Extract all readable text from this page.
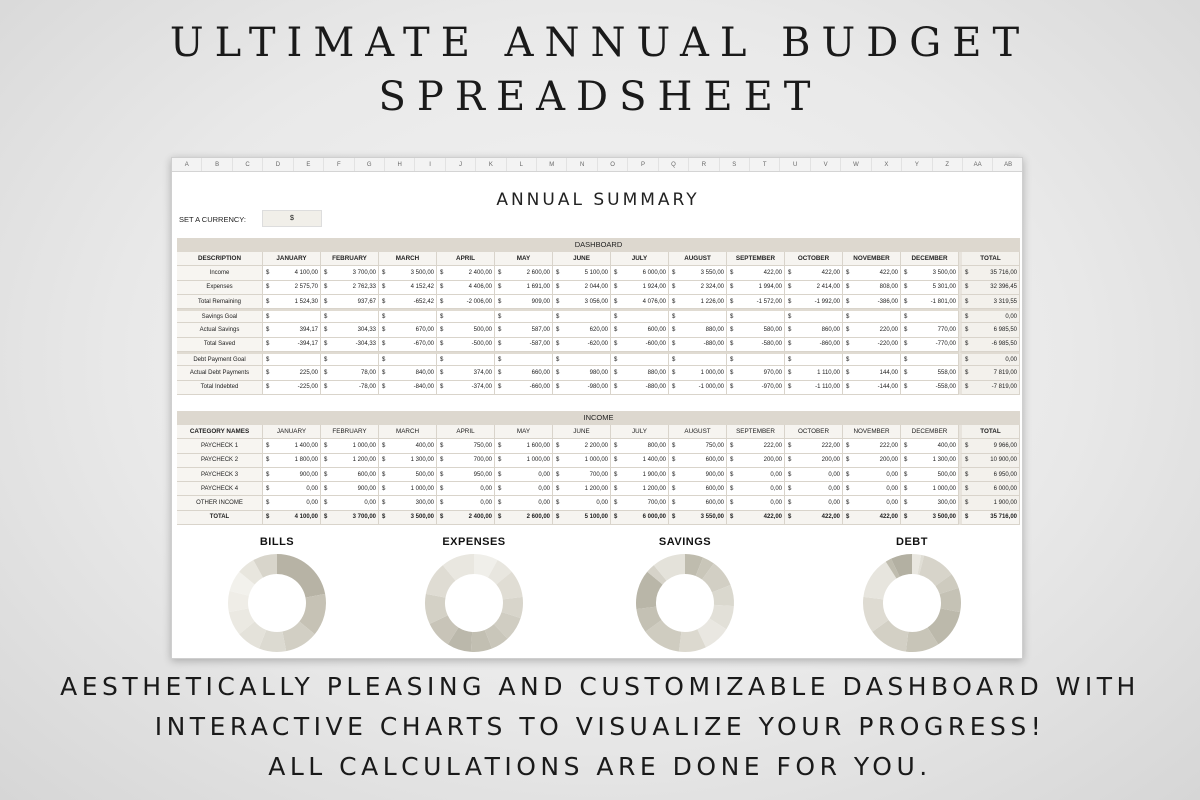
ULTIMATE ANNUAL BUDGET
SPREADSHEET
A	B	C	D	E	F	G	H	I	J	K	L	M	N	O	P	Q	R	S	T	U	V	W	X	Y	Z	AA	AB
ANNUAL SUMMARY
SET A CURRENCY:	$
DASHBOARD
DESCRIPTION	JANUARY	FEBRUARY	MARCH	APRIL	MAY	JUNE	JULY	AUGUST	SEPTEMBER	OCTOBER	NOVEMBER	DECEMBER	TOTAL
Income	$ 4 100,00	$ 3 700,00	$ 3 500,00	$ 2 400,00	$ 2 600,00	$ 5 100,00	$ 6 000,00	$ 3 550,00	$ 422,00	$ 422,00	$ 422,00	$ 3 500,00	$ 35 716,00
Expenses	$ 2 575,70	$ 2 762,33	$ 4 152,42	$ 4 406,00	$ 1 691,00	$ 2 044,00	$ 1 924,00	$ 2 324,00	$ 1 994,00	$ 2 414,00	$ 808,00	$ 5 301,00	$ 32 396,45
Total Remaining	$ 1 524,30	$ 937,67	$ -652,42	$ -2 006,00	$ 909,00	$ 3 056,00	$ 4 076,00	$ 1 226,00	$ -1 572,00	$ -1 992,00	$ -386,00	$ -1 801,00	$ 3 319,55
Savings Goal	$	$	$	$	$	$	$	$	$	$	$	$	$ 0,00
Actual Savings	$ 394,17	$ 304,33	$ 670,00	$ 500,00	$ 587,00	$ 620,00	$ 600,00	$ 880,00	$ 580,00	$ 860,00	$ 220,00	$ 770,00	$ 6 985,50
Total Saved	$ -394,17	$ -304,33	$ -670,00	$ -500,00	$ -587,00	$ -620,00	$ -600,00	$ -880,00	$ -580,00	$ -860,00	$ -220,00	$ -770,00	$ -6 985,50
Debt Payment Goal	$	$	$	$	$	$	$	$	$	$	$	$	$ 0,00
Actual Debt Payments	$ 225,00	$ 78,00	$ 840,00	$ 374,00	$ 660,00	$ 980,00	$ 880,00	$ 1 000,00	$ 970,00	$ 1 110,00	$ 144,00	$ 558,00	$ 7 819,00
Total Indebted	$ -225,00	$ -78,00	$ -840,00	$ -374,00	$ -660,00	$ -980,00	$ -880,00	$ -1 000,00	$ -970,00	$ -1 110,00	$ -144,00	$ -558,00	$ -7 819,00
INCOME
CATEGORY NAMES	JANUARY	FEBRUARY	MARCH	APRIL	MAY	JUNE	JULY	AUGUST	SEPTEMBER	OCTOBER	NOVEMBER	DECEMBER	TOTAL
PAYCHECK 1	$ 1 400,00	$ 1 000,00	$ 400,00	$ 750,00	$ 1 600,00	$ 2 200,00	$ 800,00	$ 750,00	$ 222,00	$ 222,00	$ 222,00	$ 400,00	$ 9 966,00
PAYCHECK 2	$ 1 800,00	$ 1 200,00	$ 1 300,00	$ 700,00	$ 1 000,00	$ 1 000,00	$ 1 400,00	$ 600,00	$ 200,00	$ 200,00	$ 200,00	$ 1 300,00	$ 10 900,00
PAYCHECK 3	$ 900,00	$ 600,00	$ 500,00	$ 950,00	$ 0,00	$ 700,00	$ 1 900,00	$ 900,00	$ 0,00	$ 0,00	$ 0,00	$ 500,00	$ 6 950,00
PAYCHECK 4	$ 0,00	$ 900,00	$ 1 000,00	$ 0,00	$ 0,00	$ 1 200,00	$ 1 200,00	$ 600,00	$ 0,00	$ 0,00	$ 0,00	$ 1 000,00	$ 6 000,00
OTHER INCOME	$ 0,00	$ 0,00	$ 300,00	$ 0,00	$ 0,00	$ 0,00	$ 700,00	$ 600,00	$ 0,00	$ 0,00	$ 0,00	$ 300,00	$ 1 900,00
TOTAL	$ 4 100,00	$ 3 700,00	$ 3 500,00	$ 2 400,00	$ 2 600,00	$ 5 100,00	$ 6 000,00	$ 3 550,00	$ 422,00	$ 422,00	$ 422,00	$ 3 500,00	$ 35 716,00
BILLS	EXPENSES	SAVINGS	DEBT
AESTHETICALLY PLEASING AND CUSTOMIZABLE DASHBOARD WITH
INTERACTIVE CHARTS TO VISUALIZE YOUR PROGRESS!
ALL CALCULATIONS ARE DONE FOR YOU.
